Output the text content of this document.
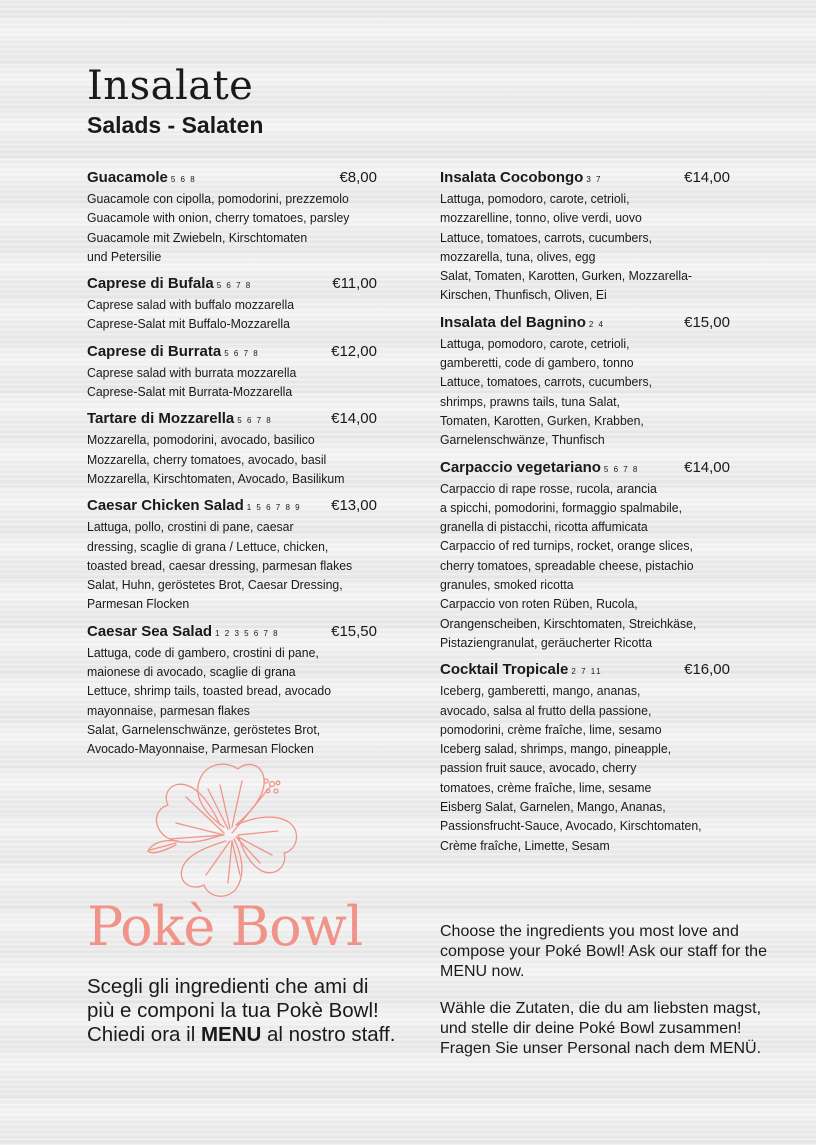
Insalate
Salads - Salaten
Guacamole 5 6 8	€8,00

Guacamole con cipolla, pomodorini, prezzemolo

Guacamole with onion, cherry tomatoes, parsley

Guacamole mit Zwiebeln, Kirschtomaten

und Petersilie

Caprese di Bufala 5 6 7 8	€11,00

Caprese salad with buffalo mozzarella

Caprese-Salat mit Buffalo-Mozzarella

Caprese di Burrata 5 6 7 8	€12,00

Caprese salad with burrata mozzarella

Caprese-Salat mit Burrata-Mozzarella

Tartare di Mozzarella 5 6 7 8	€14,00

Mozzarella, pomodorini, avocado, basilico

Mozzarella, cherry tomatoes, avocado, basil

Mozzarella, Kirschtomaten, Avocado, Basilikum

Caesar Chicken Salad 1 5 6 7 8 9 €13,00

Lattuga, pollo, crostini di pane, caesar

dressing, scaglie di grana / Lettuce, chicken,

toasted bread, caesar dressing, parmesan flakes

Salat, Huhn, geröstetes Brot, Caesar Dressing,

Parmesan Flocken

Caesar Sea Salad 1 2 3 5 6 7 8	€15,50

Lattuga, code di gambero, crostini di pane,

maionese di avocado, scaglie di grana

Lettuce, shrimp tails, toasted bread, avocado

mayonnaise, parmesan flakes

Salat, Garnelenschwänze, geröstetes Brot,

Avocado-Mayonnaise, Parmesan Flocken

Insalata Cocobongo 3 7	€14,00

Lattuga, pomodoro, carote, cetrioli,

mozzarelline, tonno, olive verdi, uovo

Lattuce, tomatoes, carrots, cucumbers,

mozzarella, tuna, olives, egg

Salat, Tomaten, Karotten, Gurken, Mozzarella-

Kirschen, Thunfisch, Oliven, Ei

Insalata del Bagnino 2 4	€15,00

Lattuga, pomodoro, carote, cetrioli,

gamberetti, code di gambero, tonno

Lattuce, tomatoes, carrots, cucumbers,

shrimps, prawns tails, tuna Salat,

Tomaten, Karotten, Gurken, Krabben,

Garnelenschwänze, Thunfisch

Carpaccio vegetariano 5 6 7 8	€14,00

Carpaccio di rape rosse, rucola, arancia

a spicchi, pomodorini, formaggio spalmabile,

granella di pistacchi, ricotta affumicata

Carpaccio of red turnips, rocket, orange slices,

cherry tomatoes, spreadable cheese, pistachio

granules, smoked ricotta

Carpaccio von roten Rüben, Rucola,

Orangenscheiben, Kirschtomaten, Streichkäse,

Pistaziengranulat, geräucherter Ricotta

Cocktail Tropicale 2 7 11	€16,00

Iceberg, gamberetti, mango, ananas,

avocado, salsa al frutto della passione,

pomodorini, crème fraîche, lime, sesamo

Iceberg salad, shrimps, mango, pineapple,

passion fruit sauce, avocado, cherry

tomatoes, crème fraîche, lime, sesame

Eisberg Salat, Garnelen, Mango, Ananas,

Passionsfrucht-Sauce, Avocado, Kirschtomaten,

Crème fraîche, Limette, Sesam

Pokè Bowl

Scegli gli ingredienti che ami di più e componi la tua Pokè Bowl! Chiedi ora il MENU al nostro staff.

Choose the ingredients you most love and compose your Poké Bowl! Ask our staff for the MENU now.

Wähle die Zutaten, die du am liebsten magst, und stelle dir deine Poké Bowl zusammen! Fragen Sie unser Personal nach dem MENÜ.
